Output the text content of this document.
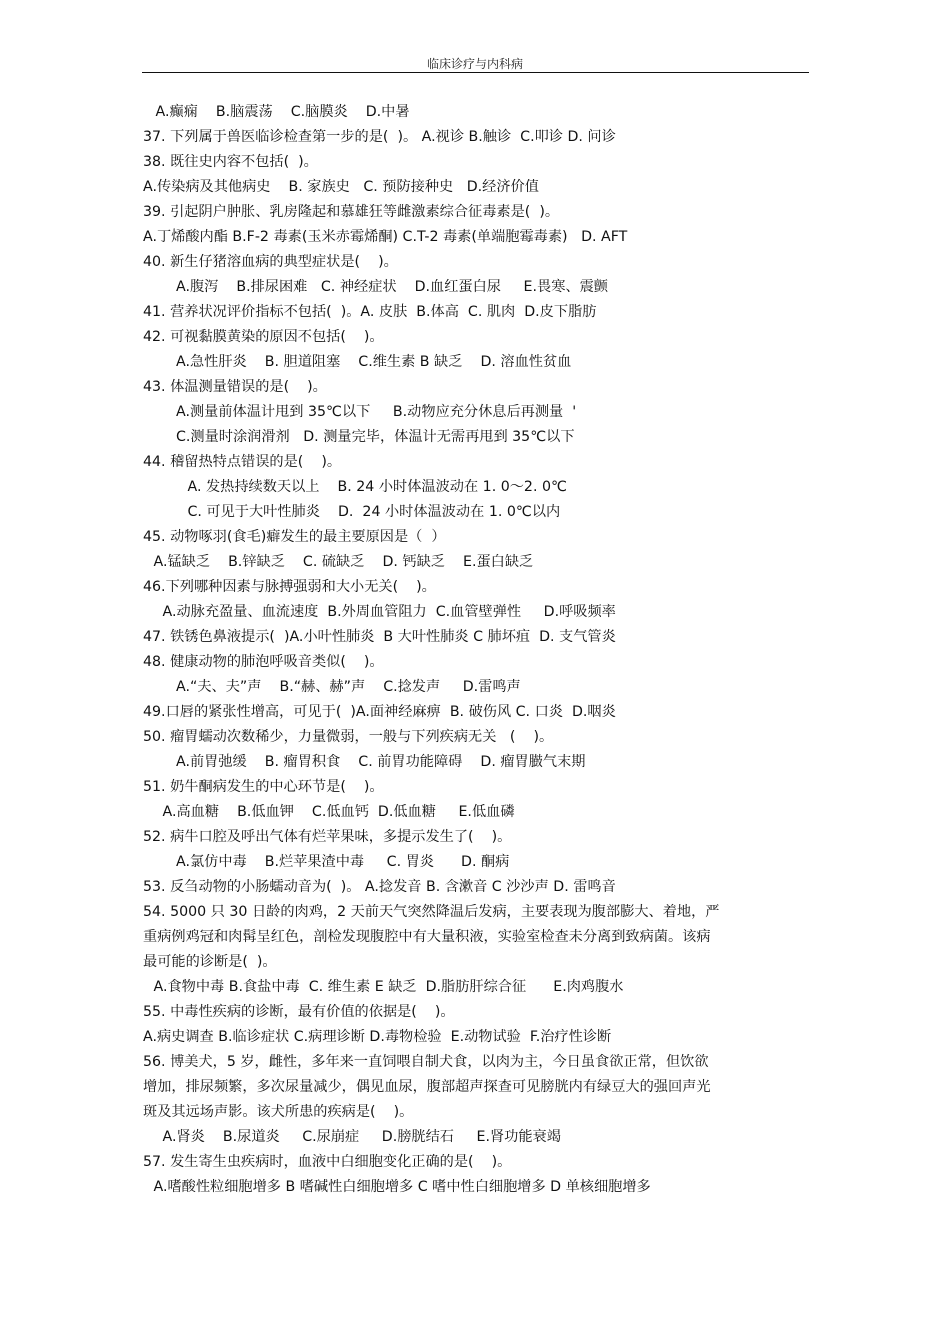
临床诊疗与内科病
A.癫痫    B.脑震荡    C.脑膜炎    D.中暑
37. 下列属于兽医临诊检查第一步的是(  )。 A.视诊 B.触诊  C.叩诊 D. 问诊
38. 既往史内容不包括(  )。
A.传染病及其他病史    B. 家族史   C. 预防接种史   D.经济价值
39. 引起阴户肿胀、乳房隆起和慕雄狂等雌激素综合征毒素是(  )。
A.丁烯酸内酯 B.F-2 毒素(玉米赤霉烯酮) C.T-2 毒素(单端胞霉毒素)   D. AFT
40. 新生仔猪溶血病的典型症状是(    )。
A.腹泻    B.排尿困难   C. 神经症状    D.血红蛋白尿     E.畏寒、震颤
41. 营养状况评价指标不包括(  )。A. 皮肤  B.体高  C. 肌肉  D.皮下脂肪
42. 可视黏膜黄染的原因不包括(    )。
A.急性肝炎    B. 胆道阻塞    C.维生素 B 缺乏    D. 溶血性贫血
43. 体温测量错误的是(    )。
A.测量前体温计甩到 35℃以下     B.动物应充分休息后再测量  '
C.测量时涂润滑剂   D. 测量完毕，体温计无需再甩到 35℃以下
44. 稽留热特点错误的是(    )。
A. 发热持续数天以上    B. 24 小时体温波动在 1. 0～2. 0℃
C. 可见于大叶性肺炎    D.  24 小时体温波动在 1. 0℃以内
45. 动物啄羽(食毛)癖发生的最主要原因是（  ）
A.锰缺乏    B.锌缺乏    C. 硫缺乏    D. 钙缺乏    E.蛋白缺乏
46.下列哪种因素与脉搏强弱和大小无关(    )。
A.动脉充盈量、血流速度  B.外周血管阻力  C.血管壁弹性     D.呼吸频率
47. 铁锈色鼻液提示(  )A.小叶性肺炎  B 大叶性肺炎 C 肺坏疽  D. 支气管炎
48. 健康动物的肺泡呼吸音类似(    )。
A.“夫、夫”声    B.“赫、赫”声    C.捻发声     D.雷鸣声
49.口唇的紧张性增高，可见于(  )A.面神经麻痹  B. 破伤风 C. 口炎  D.咽炎
50. 瘤胃蠕动次数稀少，力量微弱，一般与下列疾病无关   (    )。
A.前胃弛缓    B. 瘤胃积食    C. 前胃功能障碍    D. 瘤胃臌气末期
51. 奶牛酮病发生的中心环节是(    )。
A.高血糖    B.低血钾    C.低血钙  D.低血糖     E.低血磷
52. 病牛口腔及呼出气体有烂苹果味，多提示发生了(    )。
A.氯仿中毒    B.烂苹果渣中毒     C. 胃炎      D. 酮病
53. 反刍动物的小肠蠕动音为(  )。 A.捻发音 B. 含漱音 C 沙沙声 D. 雷鸣音
54. 5000 只 30 日龄的肉鸡，2 天前天气突然降温后发病，主要表现为腹部膨大、着地，严
重病例鸡冠和肉髯呈红色，剖检发现腹腔中有大量积液，实验室检查未分离到致病菌。该病
最可能的诊断是(  )。
A.食物中毒 B.食盐中毒  C. 维生素 E 缺乏  D.脂肪肝综合征      E.肉鸡腹水
55. 中毒性疾病的诊断，最有价值的依据是(    )。
A.病史调查 B.临诊症状 C.病理诊断 D.毒物检验  E.动物试验  F.治疗性诊断
56. 博美犬，5 岁，雌性，多年来一直饲喂自制犬食，以肉为主，今日虽食欲正常，但饮欲
增加，排尿频繁，多次尿量减少，偶见血尿，腹部超声探查可见膀胱内有绿豆大的强回声光
斑及其远场声影。该犬所患的疾病是(    )。
A.肾炎    B.尿道炎     C.尿崩症     D.膀胱结石     E.肾功能衰竭
57. 发生寄生虫疾病时，血液中白细胞变化正确的是(    )。
A.嗜酸性粒细胞增多 B 嗜碱性白细胞增多 C 嗜中性白细胞增多 D 单核细胞增多
